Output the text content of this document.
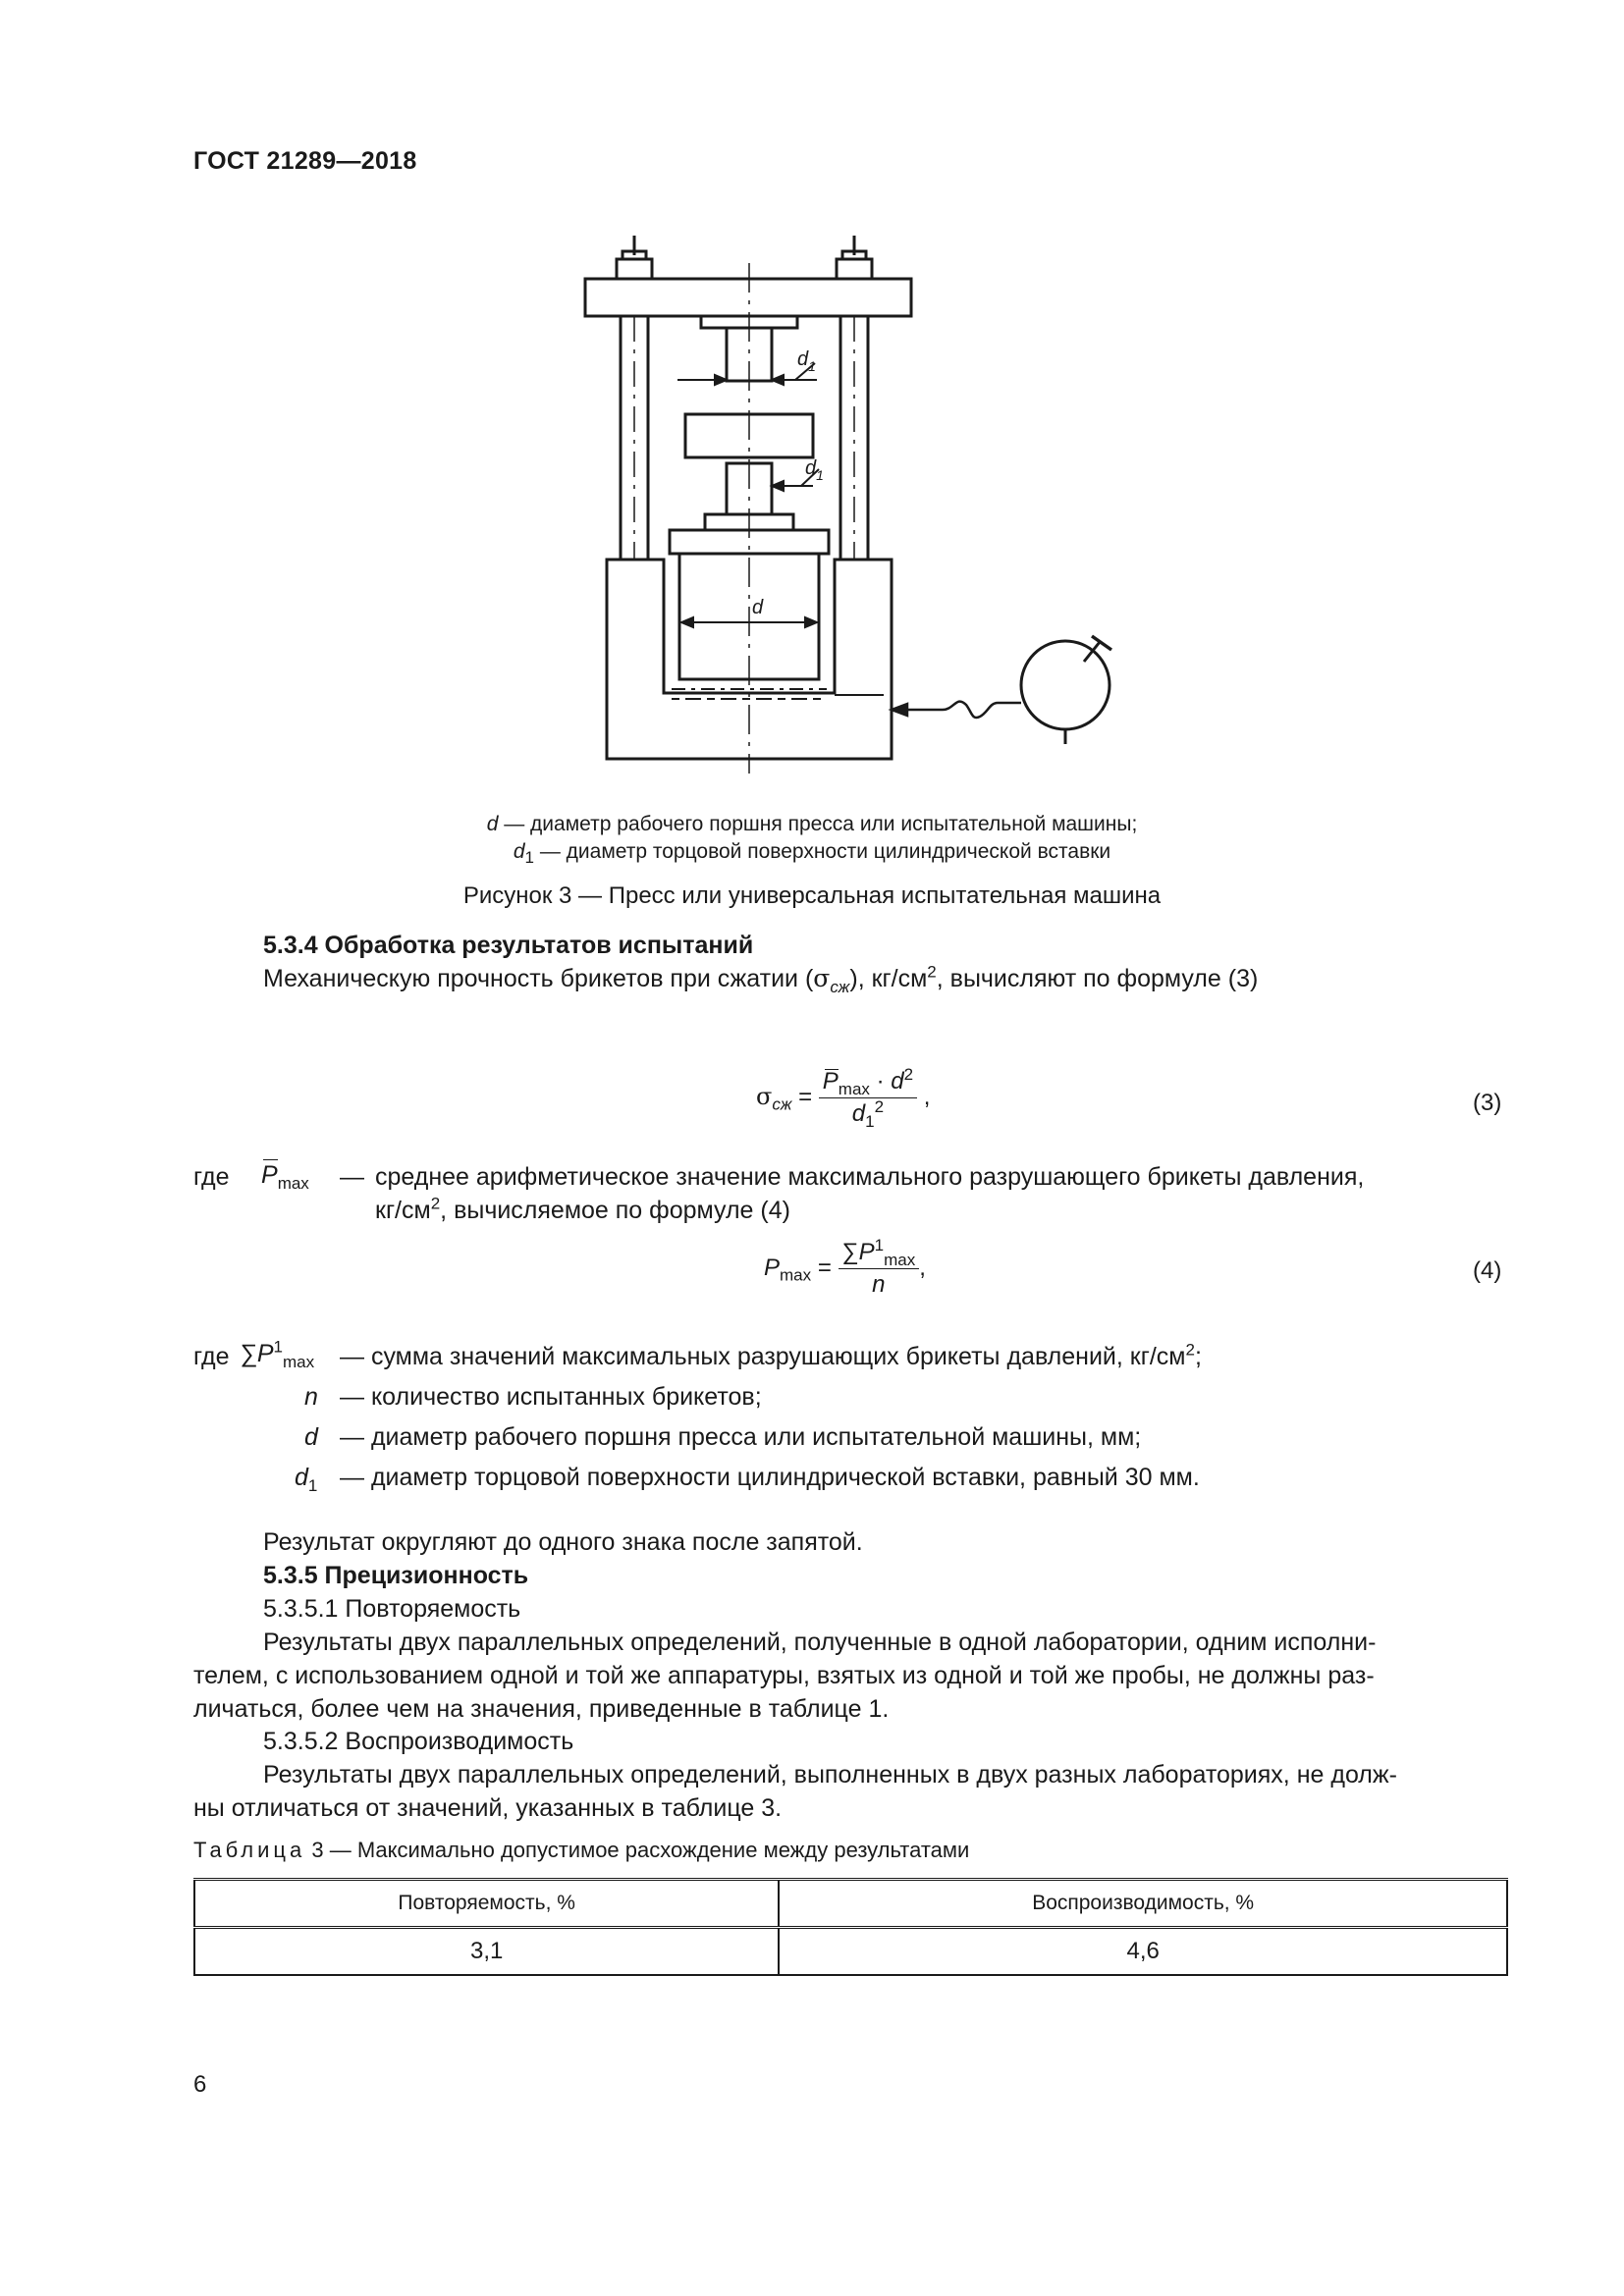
ГОСТ 21289—2018
$d_1$
$d_1$
d
d — диаметр рабочего поршня пресса или испытательной машины;
$d_1$ — диаметр торцовой поверхности цилиндрической вставки
Рисунок 3 — Пресс или универсальная испытательная машина
5.3.4 Обработка результатов испытаний
Механическую прочность брикетов при сжатии $(\sigma_{сж})$, $кг/см^2$, вычисляют по формуле (3)
$\sigma_{сж} = \frac{P_{max} \cdot d^2}{d_1^2}$ ,	(3)
где $P_{max}$ — среднее арифметическое значение максимального разрушающего брикеты давления,
$кг/см^2$, вычисляемое по формуле (4)
$P_{max} = \frac{\sum P^1_{max}}{n}$ ,	(4)
где $\sum P^1_{max}$ — сумма значений максимальных разрушающих брикеты давлений, $кг/см^2$;
n — количество испытанных брикетов;
d — диаметр рабочего поршня пресса или испытательной машины, мм;
$d_1$ — диаметр торцовой поверхности цилиндрической вставки, равный 30 мм.
Результат округляют до одного знака после запятой.
5.3.5 Прецизионность
5.3.5.1 Повторяемость
Результаты двух параллельных определений, полученные в одной лаборатории, одним исполни-
телем, с использованием одной и той же аппаратуры, взятых из одной и той же пробы, не должны раз-
личаться, более чем на значения, приведенные в таблице 1.
5.3.5.2 Воспроизводимость
Результаты двух параллельных определений, выполненных в двух разных лабораториях, не долж-
ны отличаться от значений, указанных в таблице 3.
Таблица 3 — Максимально допустимое расхождение между результатами
Повторяемость, %	Воспроизводимость, %
3,1	4,6
6
